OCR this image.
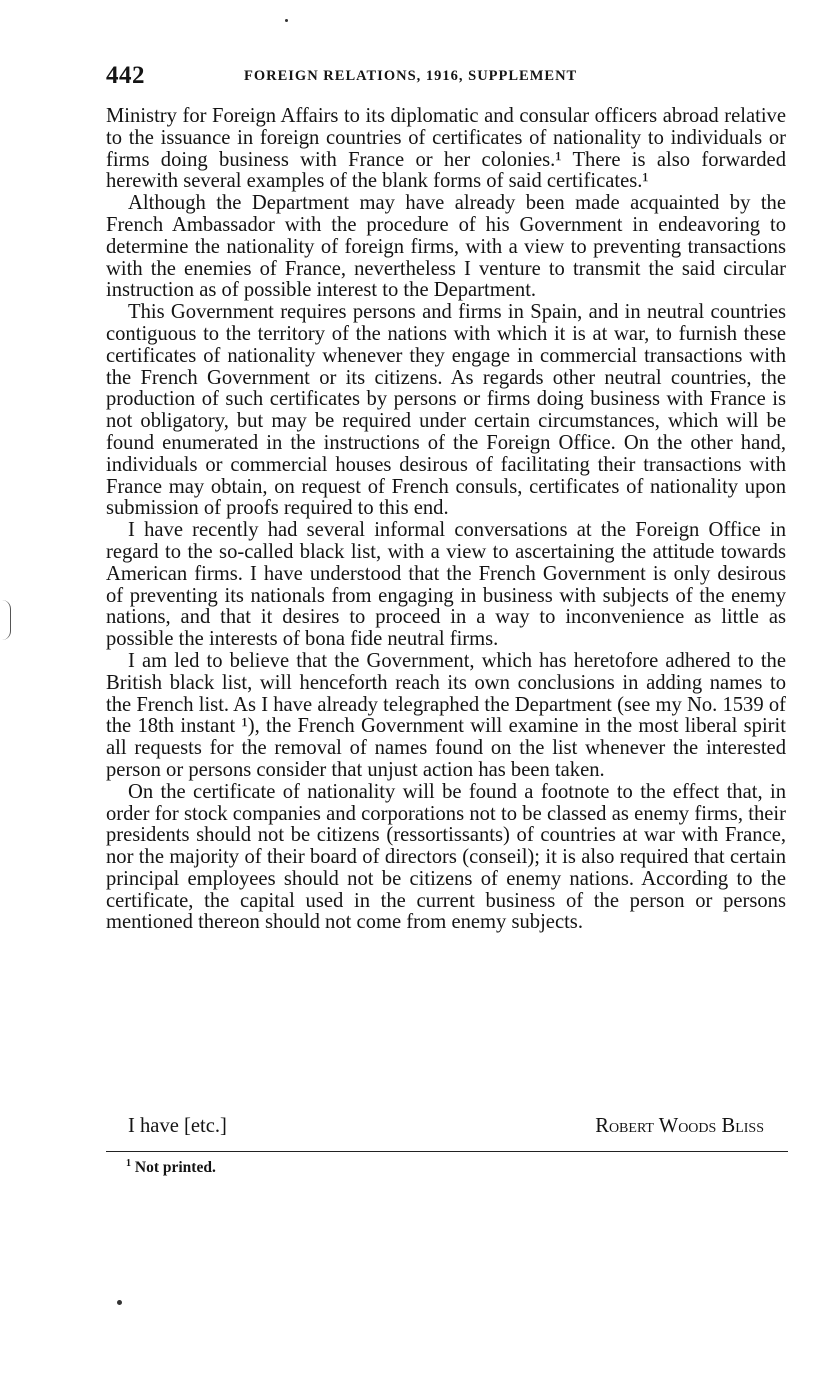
442	FOREIGN RELATIONS, 1916, SUPPLEMENT

Ministry for Foreign Affairs to its diplomatic and consular officers abroad relative to the issuance in foreign countries of certificates of nationality to individuals or firms doing business with France or her colonies.¹ There is also forwarded herewith several examples of the blank forms of said certificates.¹

Although the Department may have already been made acquainted by the French Ambassador with the procedure of his Government in endeavoring to determine the nationality of foreign firms, with a view to preventing transactions with the enemies of France, nevertheless I venture to transmit the said circular instruction as of possible interest to the Department.

This Government requires persons and firms in Spain, and in neutral countries contiguous to the territory of the nations with which it is at war, to furnish these certificates of nationality whenever they engage in commercial transactions with the French Government or its citizens. As regards other neutral countries, the production of such certificates by persons or firms doing business with France is not obligatory, but may be required under certain circumstances, which will be found enumerated in the instructions of the Foreign Office. On the other hand, individuals or commercial houses desirous of facilitating their transactions with France may obtain, on request of French consuls, certificates of nationality upon submission of proofs required to this end.

I have recently had several informal conversations at the Foreign Office in regard to the so-called black list, with a view to ascertaining the attitude towards American firms. I have understood that the French Government is only desirous of preventing its nationals from engaging in business with subjects of the enemy nations, and that it desires to proceed in a way to inconvenience as little as possible the interests of bona fide neutral firms.

I am led to believe that the Government, which has heretofore adhered to the British black list, will henceforth reach its own conclusions in adding names to the French list. As I have already telegraphed the Department (see my No. 1539 of the 18th instant ¹), the French Government will examine in the most liberal spirit all requests for the removal of names found on the list whenever the interested person or persons consider that unjust action has been taken.

On the certificate of nationality will be found a footnote to the effect that, in order for stock companies and corporations not to be classed as enemy firms, their presidents should not be citizens (ressortissants) of countries at war with France, nor the majority of their board of directors (conseil); it is also required that certain principal employees should not be citizens of enemy nations. According to the certificate, the capital used in the current business of the person or persons mentioned thereon should not come from enemy subjects.

I have [etc.]	Robert Woods Bliss
$^1$ Not printed.
